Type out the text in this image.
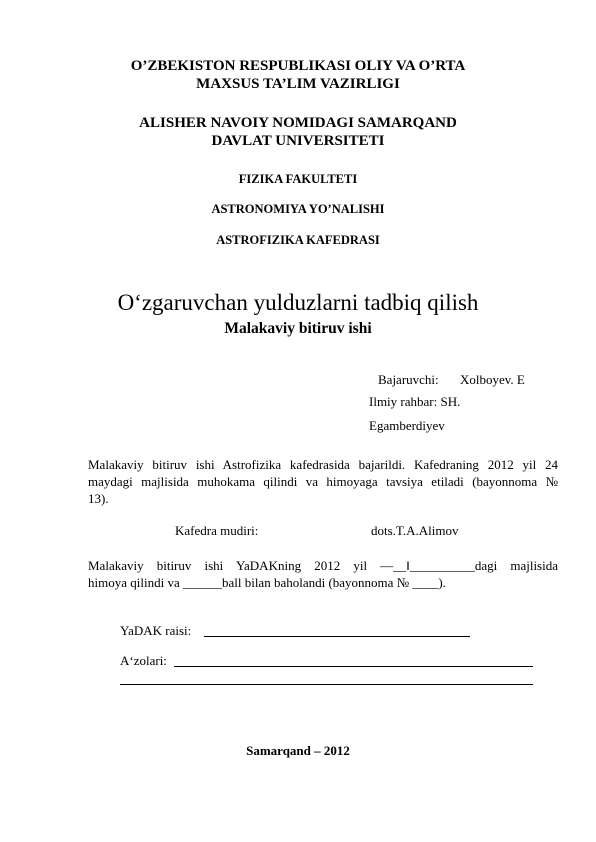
O’ZBEKISTON RESPUBLIKASI OLIY VA O’RTA
MAXSUS TA’LIM VAZIRLIGI
ALISHER NAVOIY NOMIDAGI SAMARQAND
DAVLAT UNIVERSITETI
FIZIKA FAKULTETI
ASTRONOMIYA YO’NALISHI
ASTROFIZIKA KAFEDRASI
O‘zgaruvchan yulduzlarni tadbiq qilish
Malakaviy bitiruv ishi
Bajaruvchi: Xolboyev. E
Ilmiy rahbar: SH.
Egamberdiyev
Malakaviy bitiruv ishi Astrofizika kafedrasida bajarildi. Kafedraning 2012 yil 24
maydagi majlisida muhokama qilindi va himoyaga tavsiya etiladi (bayonnoma №
13).
Kafedra mudiri:	dots.T.A.Alimov
Malakaviy bitiruv ishi YaDAKning 2012 yil ―__‖__________dagi majlisida
himoya qilindi va ______ball bilan baholandi (bayonnoma № ____).
YaDAK raisi:
A‘zolari:
Samarqand – 2012
